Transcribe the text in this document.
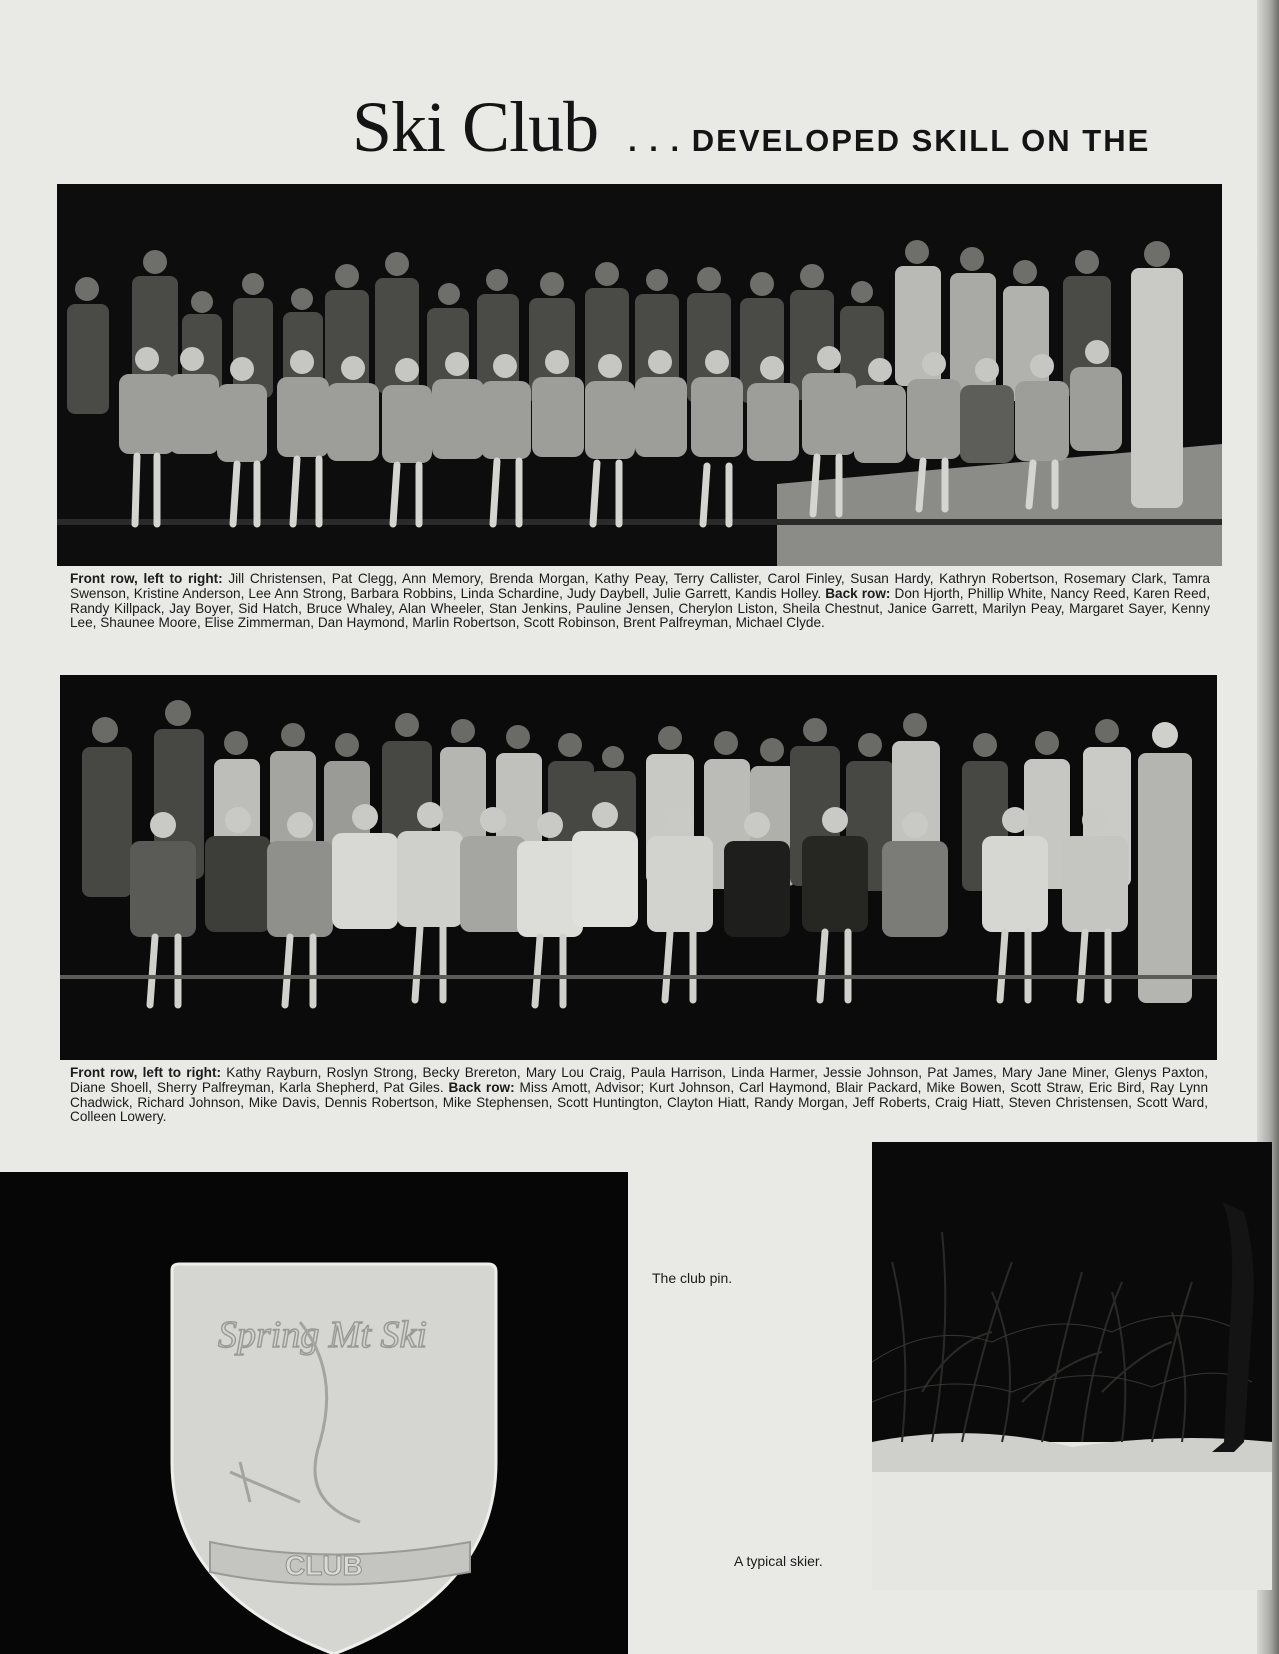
Ski Club . . . DEVELOPED SKILL ON THE
Front row, left to right: Jill Christensen, Pat Clegg, Ann Memory, Brenda Morgan, Kathy Peay, Terry Callister, Carol Finley, Susan Hardy, Kathryn Robertson, Rosemary Clark, Tamra Swenson, Kristine Anderson, Lee Ann Strong, Barbara Robbins, Linda Schardine, Judy Daybell, Julie Garrett, Kandis Holley. Back row: Don Hjorth, Phillip White, Nancy Reed, Karen Reed, Randy Killpack, Jay Boyer, Sid Hatch, Bruce Whaley, Alan Wheeler, Stan Jenkins, Pauline Jensen, Cherylon Liston, Sheila Chestnut, Janice Garrett, Marilyn Peay, Margaret Sayer, Kenny Lee, Shaunee Moore, Elise Zimmerman, Dan Haymond, Marlin Robertson, Scott Robinson, Brent Palfreyman, Michael Clyde.
Front row, left to right: Kathy Rayburn, Roslyn Strong, Becky Brereton, Mary Lou Craig, Paula Harrison, Linda Harmer, Jessie Johnson, Pat James, Mary Jane Miner, Glenys Paxton, Diane Shoell, Sherry Palfreyman, Karla Shepherd, Pat Giles. Back row: Miss Amott, Advisor; Kurt Johnson, Carl Haymond, Blair Packard, Mike Bowen, Scott Straw, Eric Bird, Ray Lynn Chadwick, Richard Johnson, Mike Davis, Dennis Robertson, Mike Stephensen, Scott Huntington, Clayton Hiatt, Randy Morgan, Jeff Roberts, Craig Hiatt, Steven Christensen, Scott Ward, Colleen Lowery.
Spring Mt Ski
CLUB
The club pin.
A typical skier.
